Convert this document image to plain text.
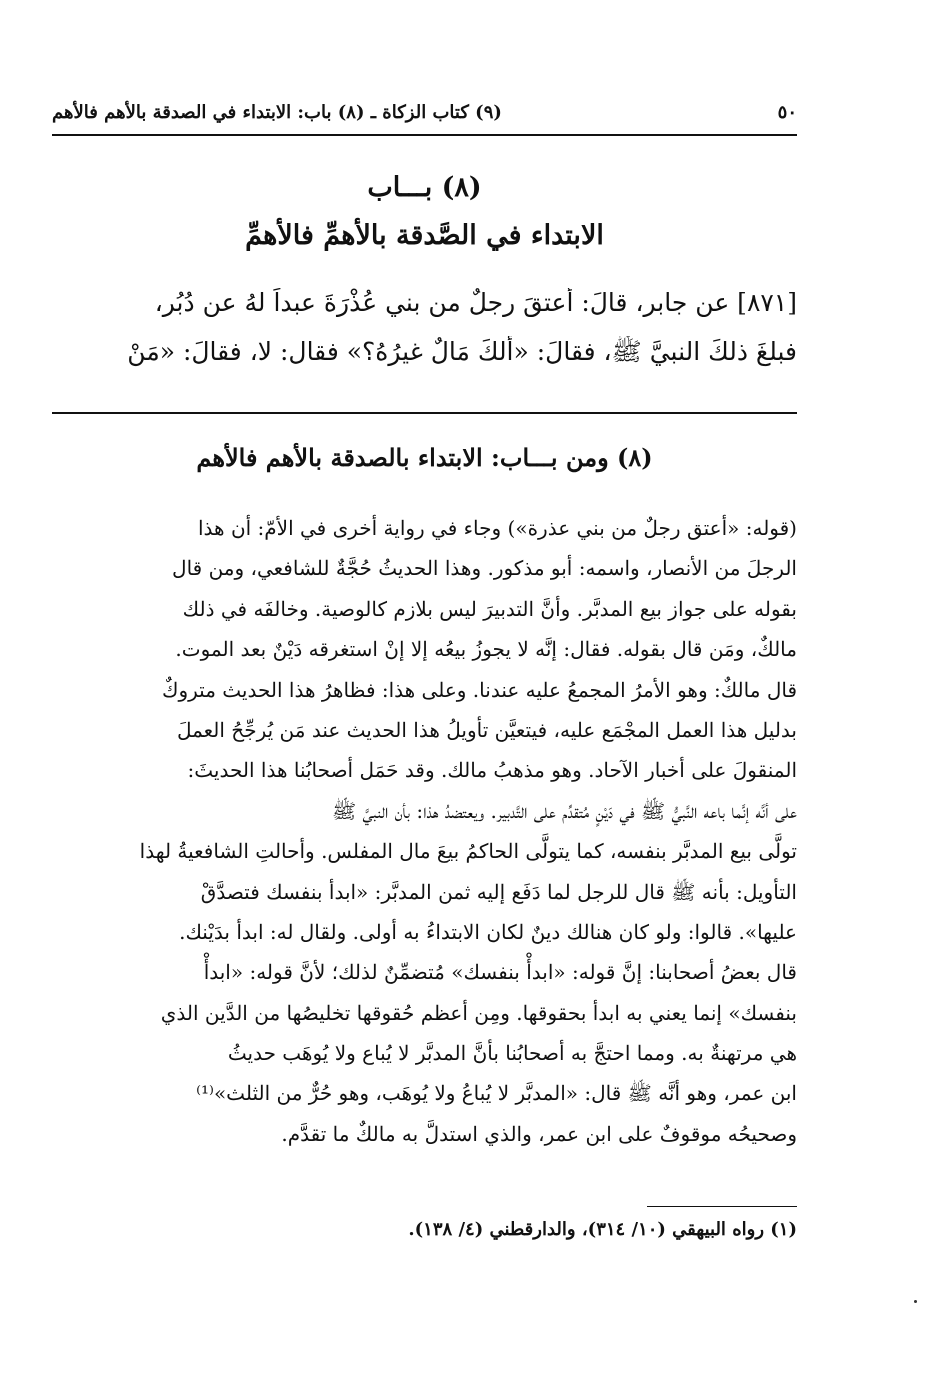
٥٠
(٩) كتاب الزكاة ـ (٨) باب: الابتداء في الصدقة بالأهم فالأهم
(٨) بـــاب
الابتداء في الصَّدقة بالأهمِّ فالأهمِّ
[٨٧١] عن جابر، قالَ: أعتقَ رجلٌ من بني عُذْرَةَ عبداً لهُ عن دُبُرٍ،
فبلغَ ذلكَ النبيَّ ﷺ، فقالَ: «ألكَ مَالٌ غيرُهُ؟» فقال: لا، فقالَ: «مَنْ
(٨) ومن بـــاب: الابتداء بالصدقة بالأهم فالأهم
(قوله: «أعتق رجلٌ من بني عذرة») وجاء في رواية أخرى في الأمّ: أن هذا
الرجلَ من الأنصار، واسمه: أبو مذكور. وهذا الحديثُ حُجَّةٌ للشافعي، ومن قال
بقوله على جواز بيع المدبَّر. وأنَّ التدبيرَ ليس بلازم كالوصية. وخالفَه في ذلك
مالكٌ، ومَن قال بقوله. فقال: إنَّه لا يجوزُ بيعُه إلا إنْ استغرقه دَيْنٌ بعد الموت.
قال مالكٌ: وهو الأمرُ المجمعُ عليه عندنا. وعلى هذا: فظاهرُ هذا الحديث متروكٌ
بدليل هذا العمل المجْمَع عليه، فيتعيَّن تأويلُ هذا الحديث عند مَن يُرجِّحُ العملَ
المنقولَ على أخبار الآحاد. وهو مذهبُ مالك. وقد حَمَل أصحابُنا هذا الحديثَ:
على أنَّه إنَّما باعه النَّبيُّ ﷺ في دَيْنٍ مُتقدِّم على التَّدبير. ويعتضدُ هذا: بأن النبيَّ ﷺ
تولَّى بيع المدبَّر بنفسه، كما يتولَّى الحاكمُ بيعَ مال المفلس. وأحالتِ الشافعيةُ لهذا
التأويل: بأنه ﷺ قال للرجل لما دَفَع إليه ثمن المدبَّر: «ابدأ بنفسك فتصدَّقْ
عليها». قالوا: ولو كان هنالك دينٌ لكان الابتداءُ به أولى. ولقال له: ابدأ بدَيْنك.
قال بعضُ أصحابنا: إنَّ قوله: «ابدأْ بنفسك» مُتضمِّنٌ لذلك؛ لأنَّ قوله: «ابدأْ
بنفسك» إنما يعني به ابدأ بحقوقها. ومِن أعظم حُقوقها تخليصُها من الدَّين الذي
هي مرتهنةٌ به. ومما احتجَّ به أصحابُنا بأنَّ المدبَّر لا يُباع ولا يُوهَب حديثُ
ابن عمر، وهو أنَّه ﷺ قال: «المدبَّر لا يُباعُ ولا يُوهَب، وهو حُرٌّ من الثلث»⁽¹⁾
وصحيحُه موقوفٌ على ابن عمر، والذي استدلَّ به مالكٌ ما تقدَّم.
(١) رواه البيهقي (١٠/ ٣١٤)، والدارقطني (٤/ ١٣٨).
